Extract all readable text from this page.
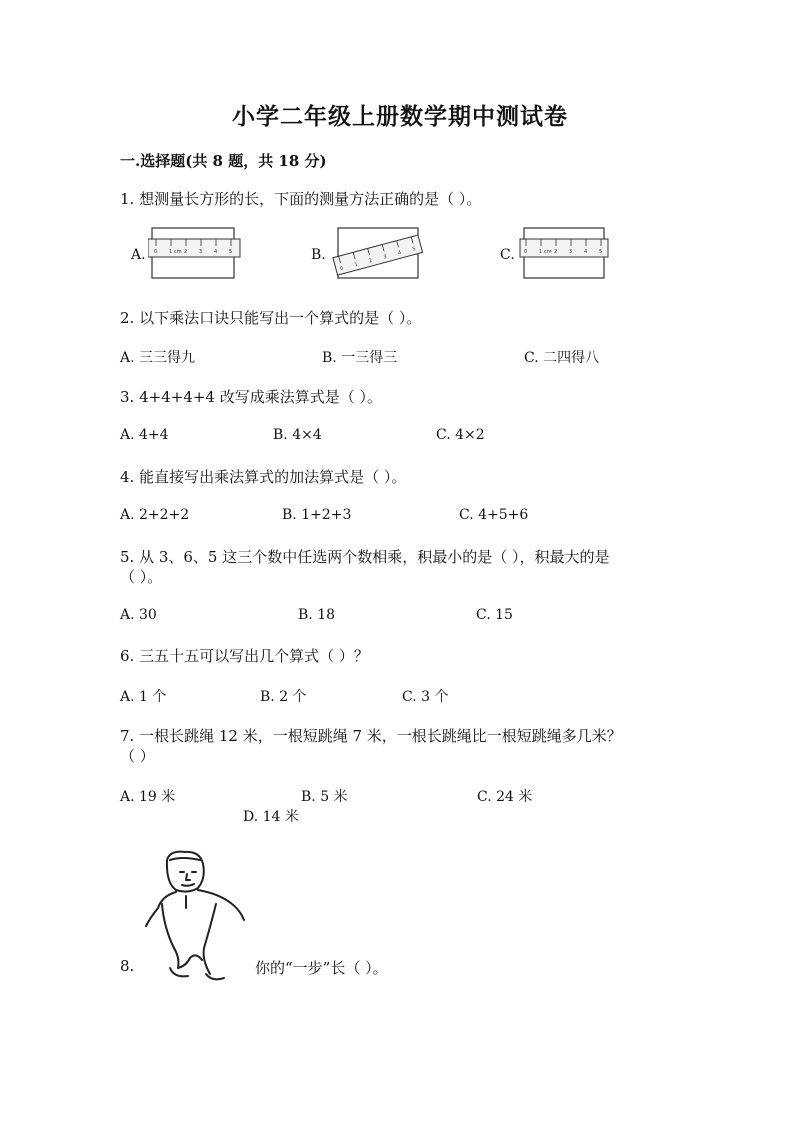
小学二年级上册数学期中测试卷
一.选择题(共 8 题，共 18 分)
1. 想测量长方形的长，下面的测量方法正确的是（ ）。
A.	B.	C.
0 1 2 3 4 5
cm
0
1
2
3
4
5	0 1 2 3 4 5
cm
2. 以下乘法口诀只能写出一个算式的是（ ）。
A. 三三得九	B. 一三得三	C. 二四得八
3. 4+4+4+4 改写成乘法算式是（ ）。
A. 4+4	B. 4×4	C. 4×2
4. 能直接写出乘法算式的加法算式是（ ）。
A. 2+2+2	B. 1+2+3	C. 4+5+6
5. 从 3、6、5 这三个数中任选两个数相乘，积最小的是（ ），积最大的是
（ ）。
A. 30	B. 18	C. 15
6. 三五十五可以写出几个算式（ ）？
A. 1 个	B. 2 个	C. 3 个
7. 一根长跳绳 12 米，一根短跳绳 7 米，一根长跳绳比一根短跳绳多几米？
（ ）
A. 19 米	B. 5 米	C. 24 米
D. 14 米
8.	你的“一步”长（ ）。
